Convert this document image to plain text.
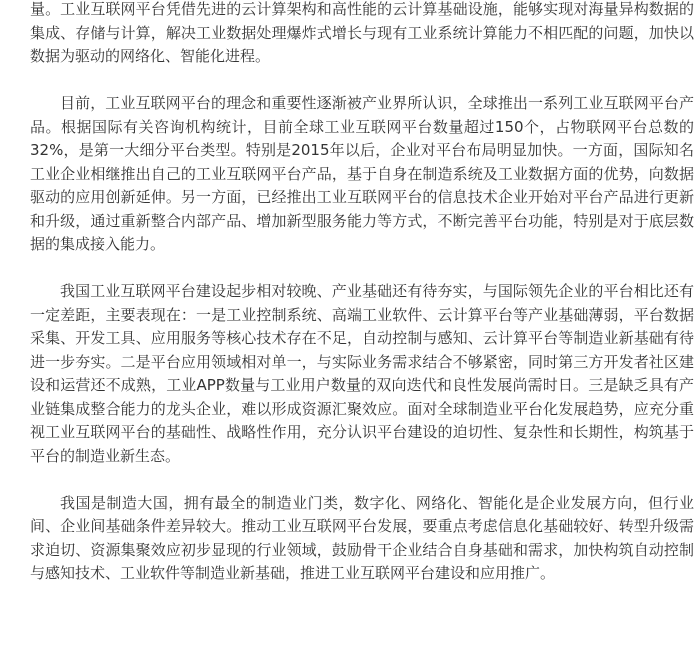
量。工业互联网平台凭借先进的云计算架构和高性能的云计算基础设施，能够实现对海量异构数据的集成、存储与计算，解决工业数据处理爆炸式增长与现有工业系统计算能力不相匹配的问题，加快以数据为驱动的网络化、智能化进程。

目前，工业互联网平台的理念和重要性逐渐被产业界所认识，全球推出一系列工业互联网平台产品。根据国际有关咨询机构统计，目前全球工业互联网平台数量超过150个，占物联网平台总数的32%，是第一大细分平台类型。特别是2015年以后，企业对平台布局明显加快。一方面，国际知名工业企业相继推出自己的工业互联网平台产品，基于自身在制造系统及工业数据方面的优势，向数据驱动的应用创新延伸。另一方面，已经推出工业互联网平台的信息技术企业开始对平台产品进行更新和升级，通过重新整合内部产品、增加新型服务能力等方式，不断完善平台功能，特别是对于底层数据的集成接入能力。

我国工业互联网平台建设起步相对较晚、产业基础还有待夯实，与国际领先企业的平台相比还有一定差距，主要表现在：一是工业控制系统、高端工业软件、云计算平台等产业基础薄弱，平台数据采集、开发工具、应用服务等核心技术存在不足，自动控制与感知、云计算平台等制造业新基础有待进一步夯实。二是平台应用领域相对单一，与实际业务需求结合不够紧密，同时第三方开发者社区建设和运营还不成熟，工业APP数量与工业用户数量的双向迭代和良性发展尚需时日。三是缺乏具有产业链集成整合能力的龙头企业，难以形成资源汇聚效应。面对全球制造业平台化发展趋势，应充分重视工业互联网平台的基础性、战略性作用，充分认识平台建设的迫切性、复杂性和长期性，构筑基于平台的制造业新生态。

我国是制造大国，拥有最全的制造业门类，数字化、网络化、智能化是企业发展方向，但行业间、企业间基础条件差异较大。推动工业互联网平台发展，要重点考虑信息化基础较好、转型升级需求迫切、资源集聚效应初步显现的行业领域，鼓励骨干企业结合自身基础和需求，加快构筑自动控制与感知技术、工业软件等制造业新基础，推进工业互联网平台建设和应用推广。
